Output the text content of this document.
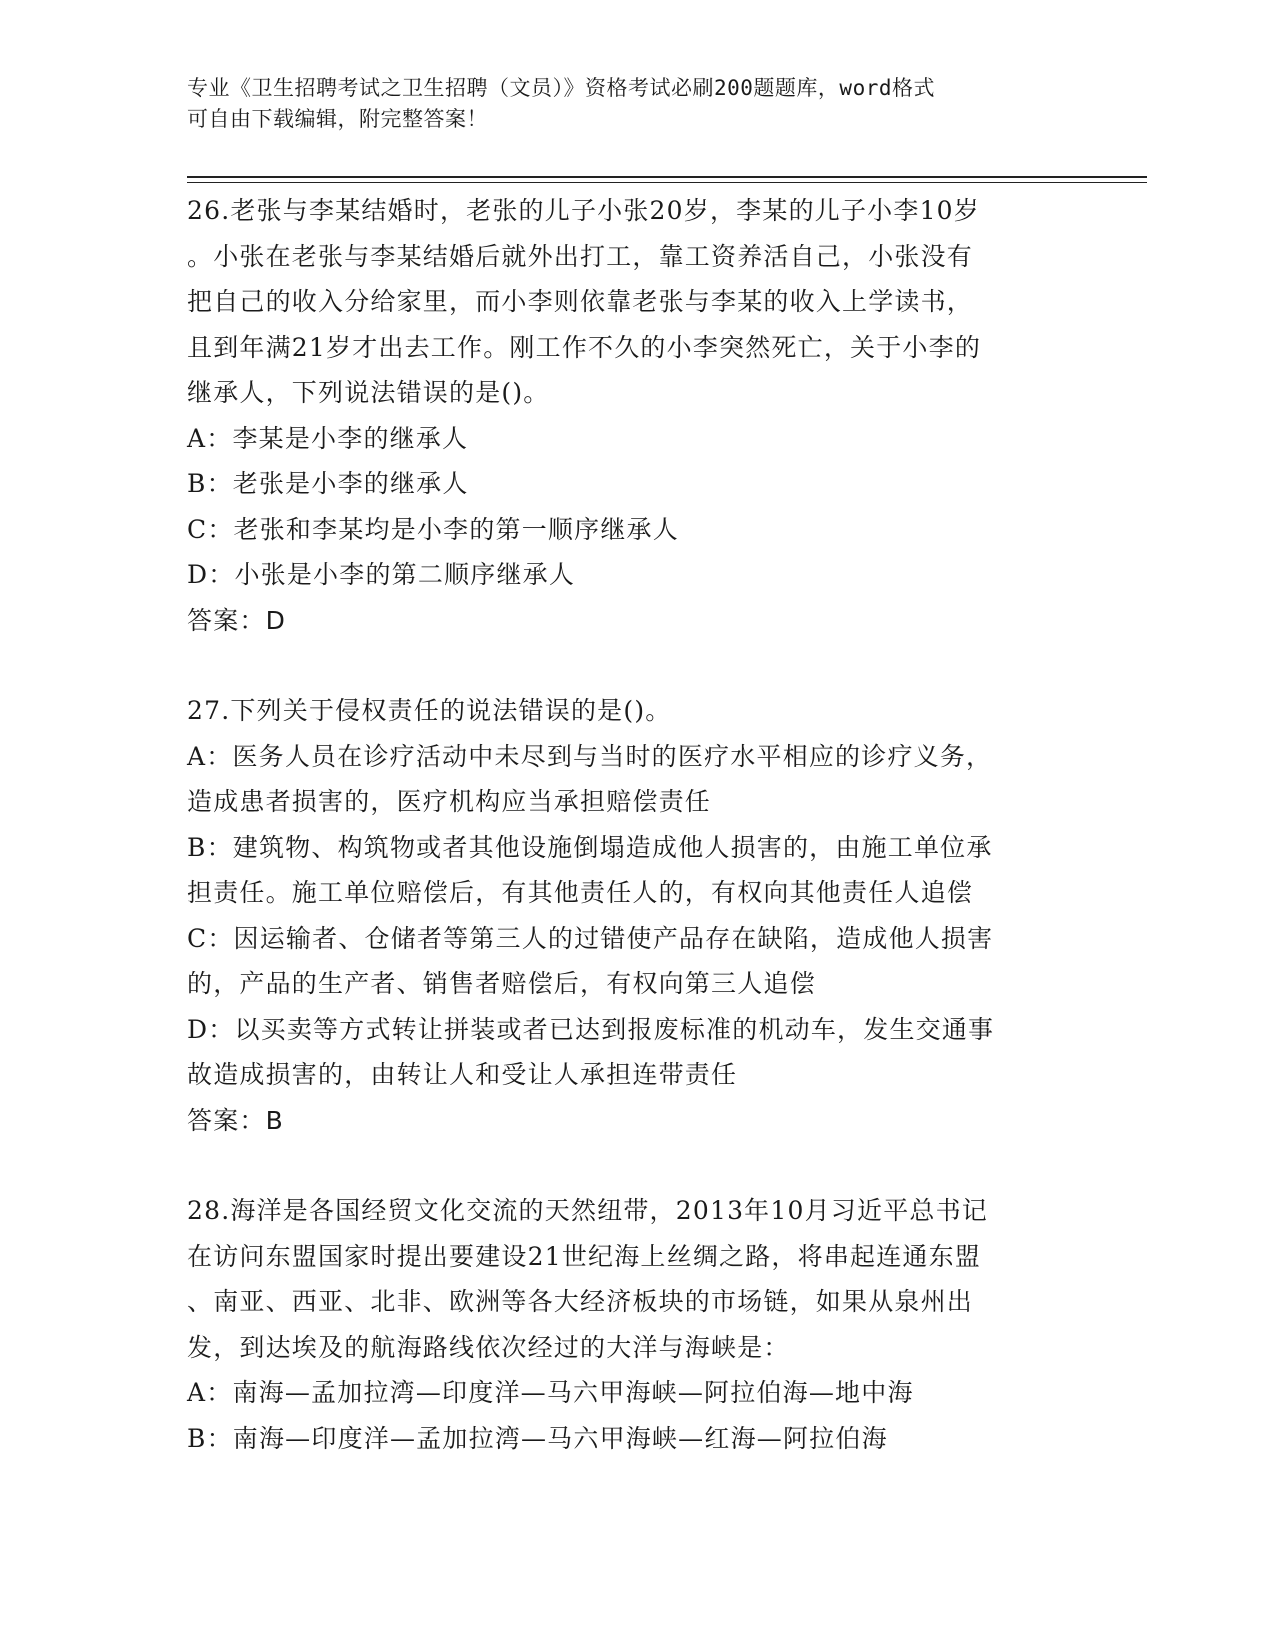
专业《卫生招聘考试之卫生招聘（文员）》资格考试必刷200题题库，word格式
可自由下载编辑，附完整答案！
26.老张与李某结婚时，老张的儿子小张20岁，李某的儿子小李10岁
。小张在老张与李某结婚后就外出打工，靠工资养活自己，小张没有
把自己的收入分给家里，而小李则依靠老张与李某的收入上学读书，
且到年满21岁才出去工作。刚工作不久的小李突然死亡，关于小李的
继承人，下列说法错误的是()。
A：李某是小李的继承人
B：老张是小李的继承人
C：老张和李某均是小李的第一顺序继承人
D：小张是小李的第二顺序继承人
答案：D
27.下列关于侵权责任的说法错误的是()。
A：医务人员在诊疗活动中未尽到与当时的医疗水平相应的诊疗义务，
造成患者损害的，医疗机构应当承担赔偿责任
B：建筑物、构筑物或者其他设施倒塌造成他人损害的，由施工单位承
担责任。施工单位赔偿后，有其他责任人的，有权向其他责任人追偿
C：因运输者、仓储者等第三人的过错使产品存在缺陷，造成他人损害
的，产品的生产者、销售者赔偿后，有权向第三人追偿
D：以买卖等方式转让拼装或者已达到报废标准的机动车，发生交通事
故造成损害的，由转让人和受让人承担连带责任
答案：B
28.海洋是各国经贸文化交流的天然纽带，2013年10月习近平总书记
在访问东盟国家时提出要建设21世纪海上丝绸之路，将串起连通东盟
、南亚、西亚、北非、欧洲等各大经济板块的市场链，如果从泉州出
发，到达埃及的航海路线依次经过的大洋与海峡是：
A：南海—孟加拉湾—印度洋—马六甲海峡—阿拉伯海—地中海
B：南海—印度洋—孟加拉湾—马六甲海峡—红海—阿拉伯海
